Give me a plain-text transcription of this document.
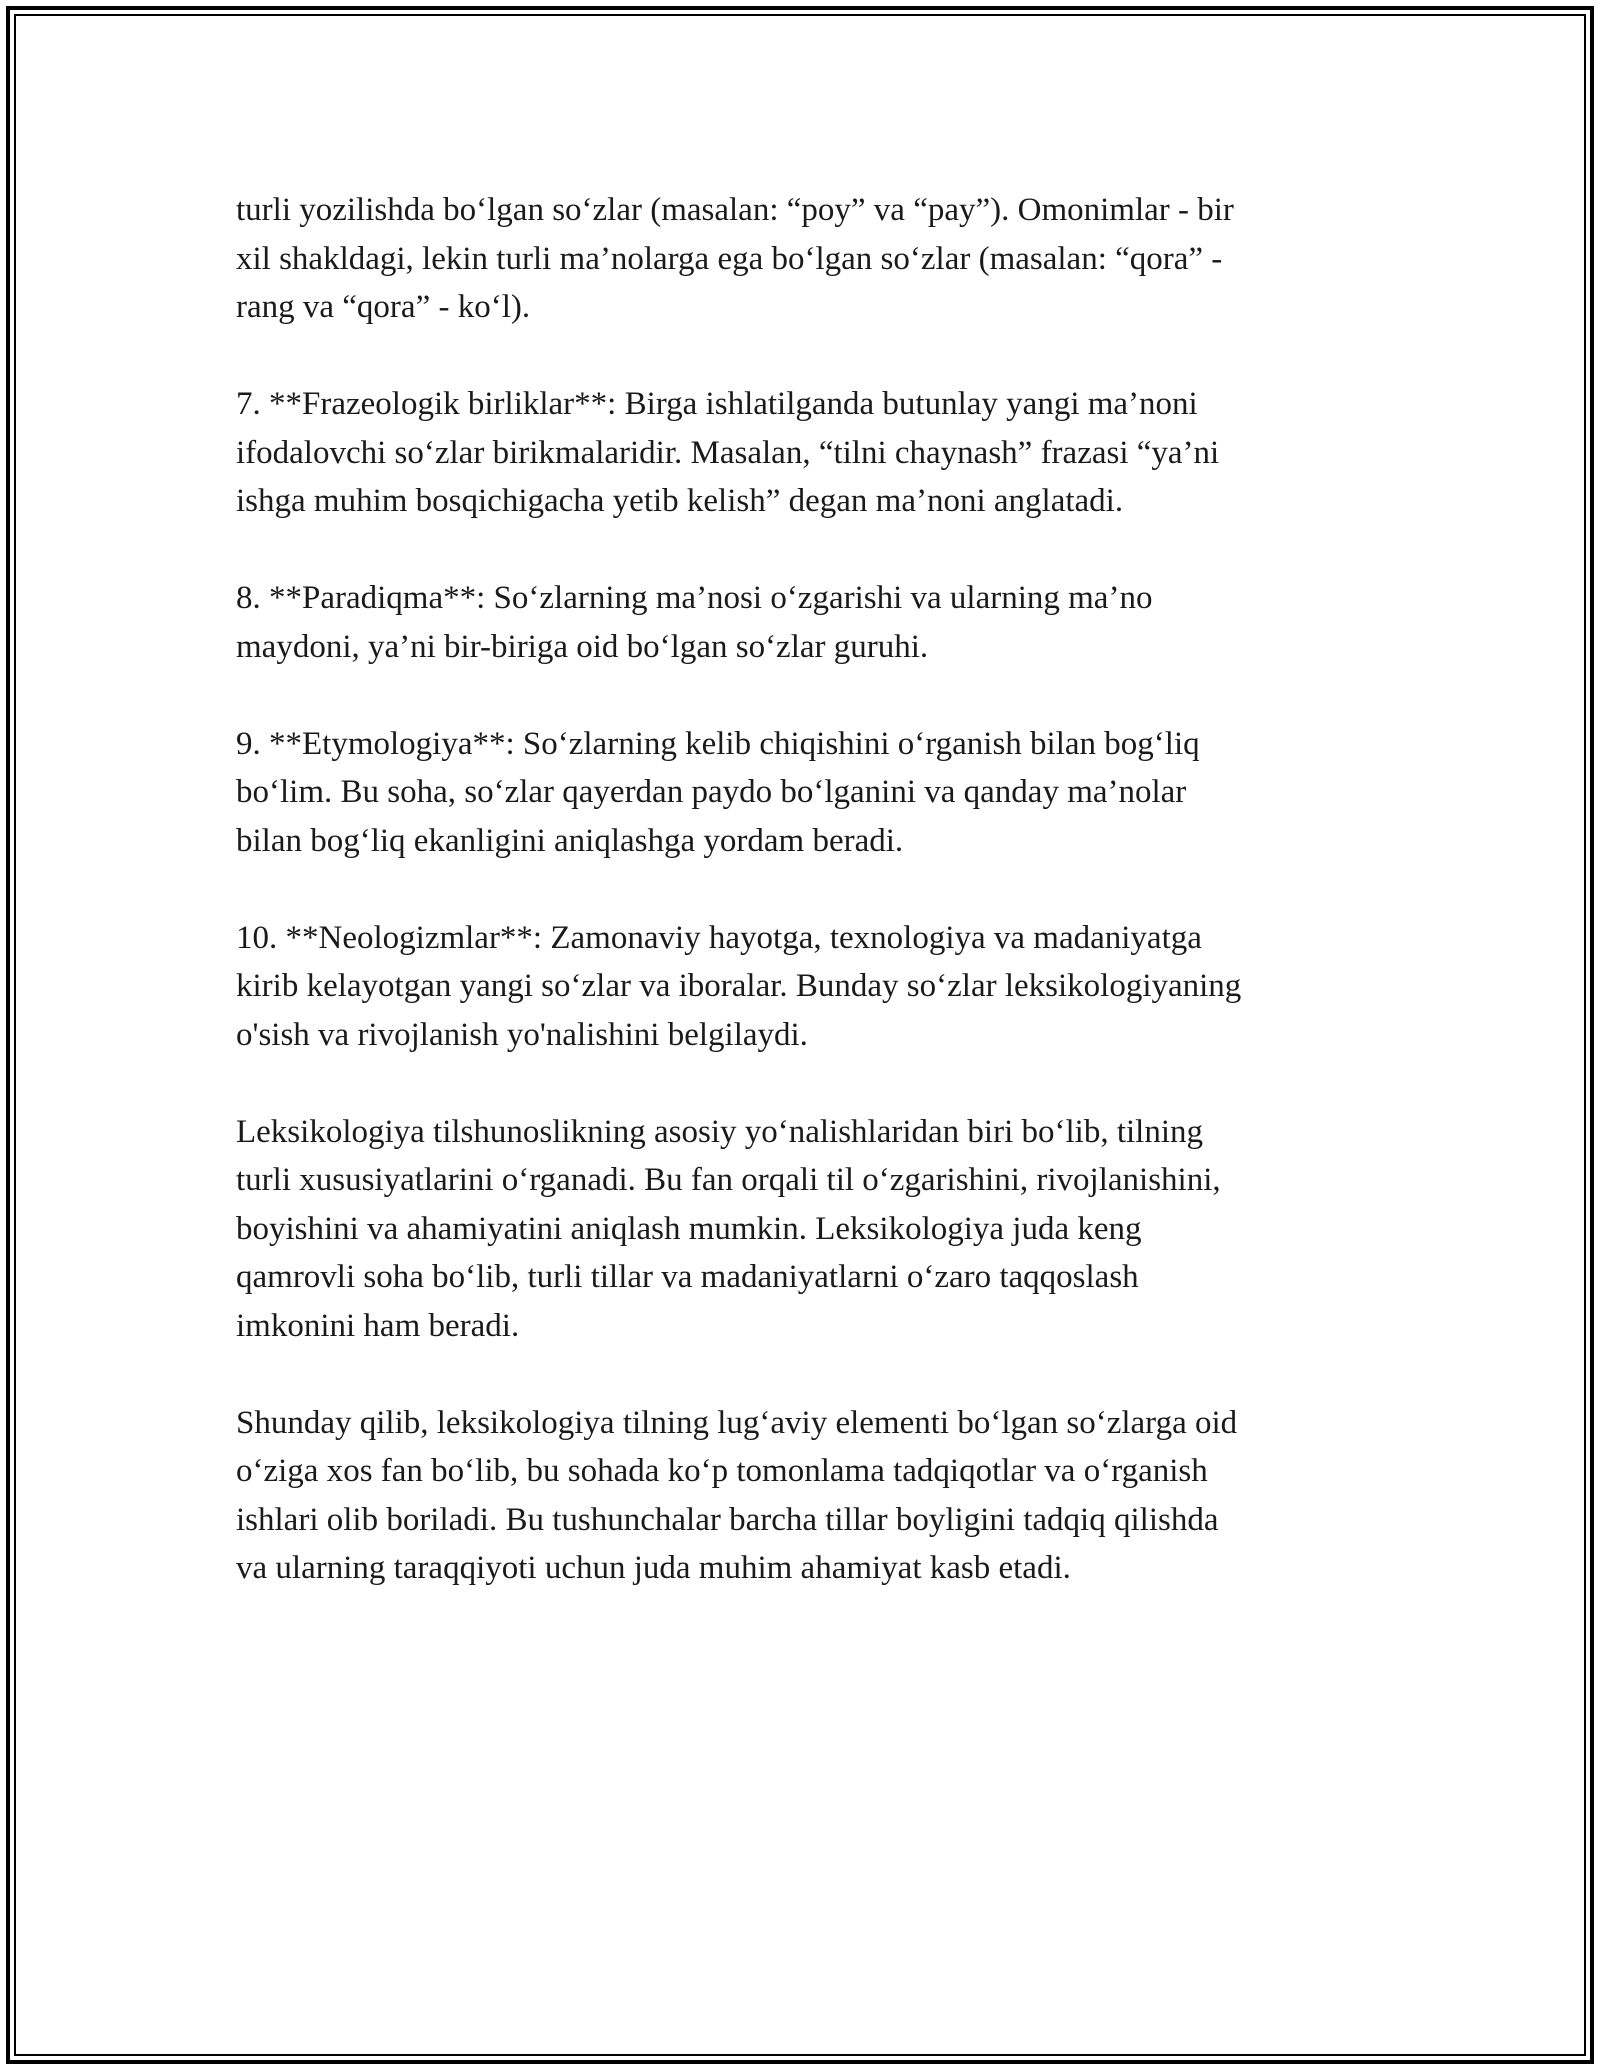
turli yozilishda bo‘lgan so‘zlar (masalan: “poy” va “pay”). Omonimlar - bir
xil shakldagi, lekin turli ma’nolarga ega bo‘lgan so‘zlar (masalan: “qora” -
rang va “qora” - ko‘l).

7. **Frazeologik birliklar**: Birga ishlatilganda butunlay yangi ma’noni
ifodalovchi so‘zlar birikmalaridir. Masalan, “tilni chaynash” frazasi “ya’ni
ishga muhim bosqichigacha yetib kelish” degan ma’noni anglatadi.

8. **Paradiqma**: So‘zlarning ma’nosi o‘zgarishi va ularning ma’no
maydoni, ya’ni bir-biriga oid bo‘lgan so‘zlar guruhi.

9. **Etymologiya**: So‘zlarning kelib chiqishini o‘rganish bilan bog‘liq
bo‘lim. Bu soha, so‘zlar qayerdan paydo bo‘lganini va qanday ma’nolar
bilan bog‘liq ekanligini aniqlashga yordam beradi.

10. **Neologizmlar**: Zamonaviy hayotga, texnologiya va madaniyatga
kirib kelayotgan yangi so‘zlar va iboralar. Bunday so‘zlar leksikologiyaning
o'sish va rivojlanish yo'nalishini belgilaydi.

Leksikologiya tilshunoslikning asosiy yo‘nalishlaridan biri bo‘lib, tilning
turli xususiyatlarini o‘rganadi. Bu fan orqali til o‘zgarishini, rivojlanishini,
boyishini va ahamiyatini aniqlash mumkin. Leksikologiya juda keng
qamrovli soha bo‘lib, turli tillar va madaniyatlarni o‘zaro taqqoslash
imkonini ham beradi.

Shunday qilib, leksikologiya tilning lug‘aviy elementi bo‘lgan so‘zlarga oid
o‘ziga xos fan bo‘lib, bu sohada ko‘p tomonlama tadqiqotlar va o‘rganish
ishlari olib boriladi. Bu tushunchalar barcha tillar boyligini tadqiq qilishda
va ularning taraqqiyoti uchun juda muhim ahamiyat kasb etadi.
